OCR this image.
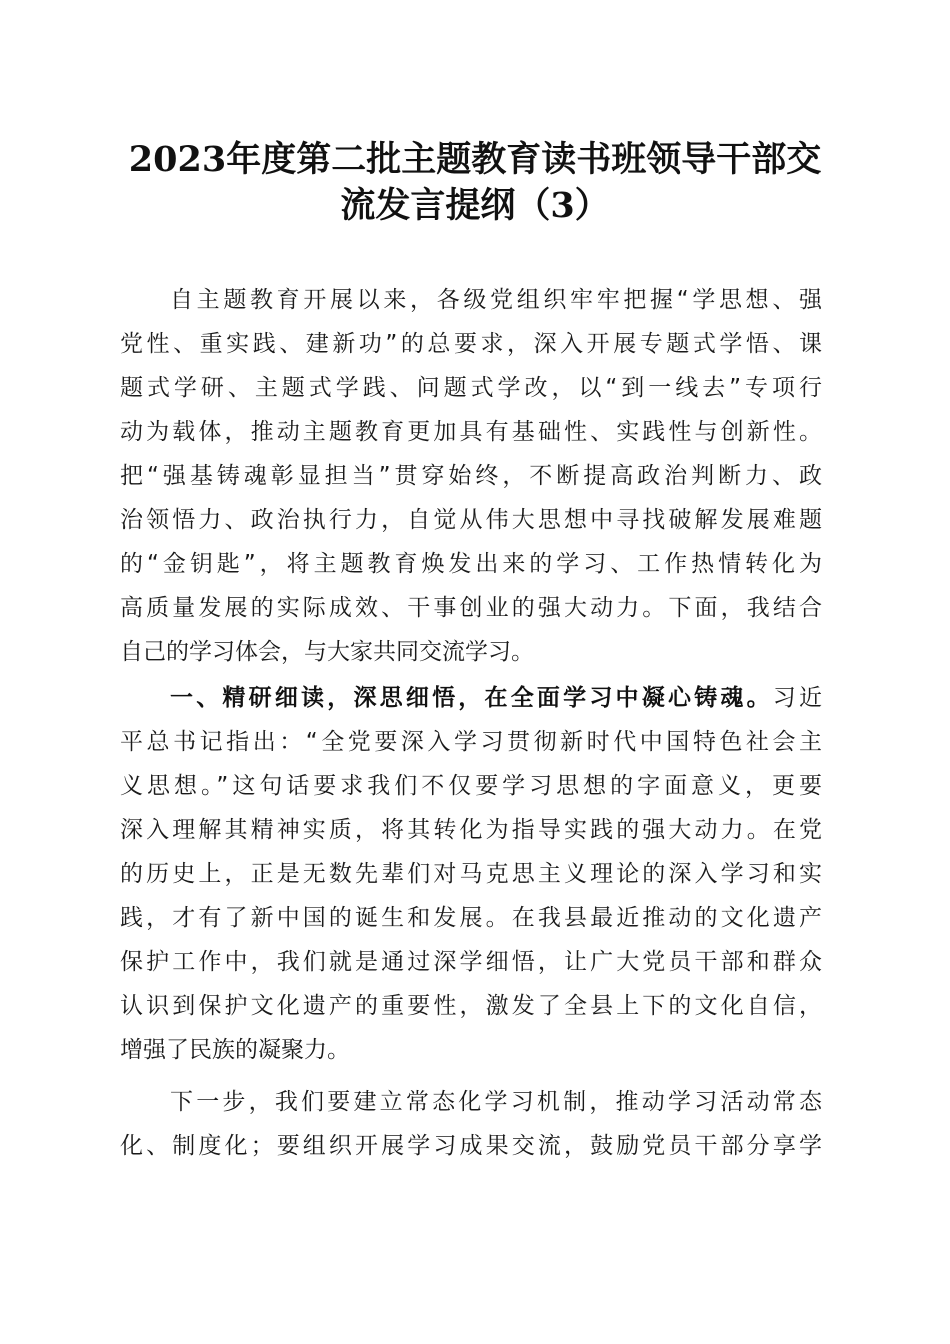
2023年度第二批主题教育读书班领导干部交
流发言提纲（3）
自主题教育开展以来，各级党组织牢牢把握“学思想、强
党性、重实践、建新功”的总要求，深入开展专题式学悟、课
题式学研、主题式学践、问题式学改，以“到一线去”专项行
动为载体，推动主题教育更加具有基础性、实践性与创新性。
把“强基铸魂彰显担当”贯穿始终，不断提高政治判断力、政
治领悟力、政治执行力，自觉从伟大思想中寻找破解发展难题
的“金钥匙”，将主题教育焕发出来的学习、工作热情转化为
高质量发展的实际成效、干事创业的强大动力。下面，我结合
自己的学习体会，与大家共同交流学习。
一、精研细读，深思细悟，在全面学习中凝心铸魂。习近
平总书记指出：“全党要深入学习贯彻新时代中国特色社会主
义思想。”这句话要求我们不仅要学习思想的字面意义，更要
深入理解其精神实质，将其转化为指导实践的强大动力。在党
的历史上，正是无数先辈们对马克思主义理论的深入学习和实
践，才有了新中国的诞生和发展。在我县最近推动的文化遗产
保护工作中，我们就是通过深学细悟，让广大党员干部和群众
认识到保护文化遗产的重要性，激发了全县上下的文化自信，
增强了民族的凝聚力。
下一步，我们要建立常态化学习机制，推动学习活动常态
化、制度化；要组织开展学习成果交流，鼓励党员干部分享学
